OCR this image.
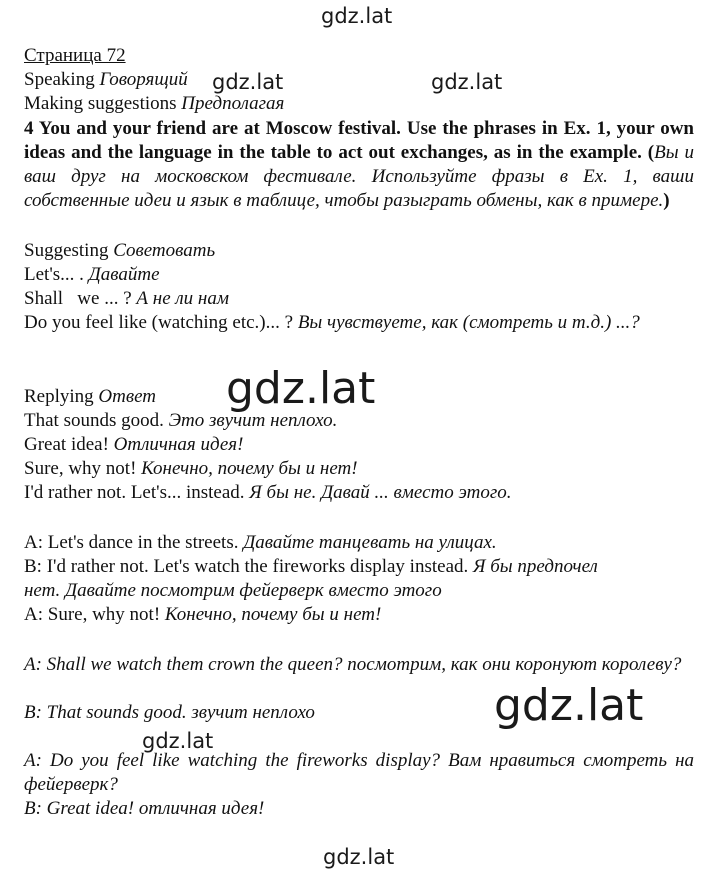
gdz.lat
gdz.lat	gdz.lat
gdz.lat
gdz.lat
gdz.lat
gdz.lat
Страница 72
Speaking Говорящий
Making suggestions Предполагая
4 You and your friend are at Moscow festival. Use the phrases in Ex. 1, your own ideas and the language in the table to act out exchanges, as in the example. (Вы и ваш друг на московском фестивале. Используйте фразы в Ex. 1, ваши собственные идеи и язык в таблице, чтобы разыграть обмены, как в примере.)
Suggesting Советовать
Let's... . Давайте
Shall   we ... ? А не ли нам
Do you feel like (watching etc.)... ? Вы чувствуете, как (смотреть и т.д.) ...?
Replying Ответ
That sounds good. Это звучит неплохо.
Great idea! Отличная идея!
Sure, why not! Конечно, почему бы и нет!
I'd rather not. Let's... instead. Я бы не. Давай ... вместо этого.
A: Let's dance in the streets. Давайте танцевать на улицах.
B: I'd rather not. Let's watch the fireworks display instead. Я бы предпочел
нет. Давайте посмотрим фейерверк вместо этого
A: Sure, why not! Конечно, почему бы и нет!
A: Shall we watch them crown the queen? посмотрим, как они коронуют королеву?
B: That sounds good. звучит неплохо
A: Do you feel like watching the fireworks display? Вам нравиться смотреть на фейерверк?
B: Great idea! отличная идея!
